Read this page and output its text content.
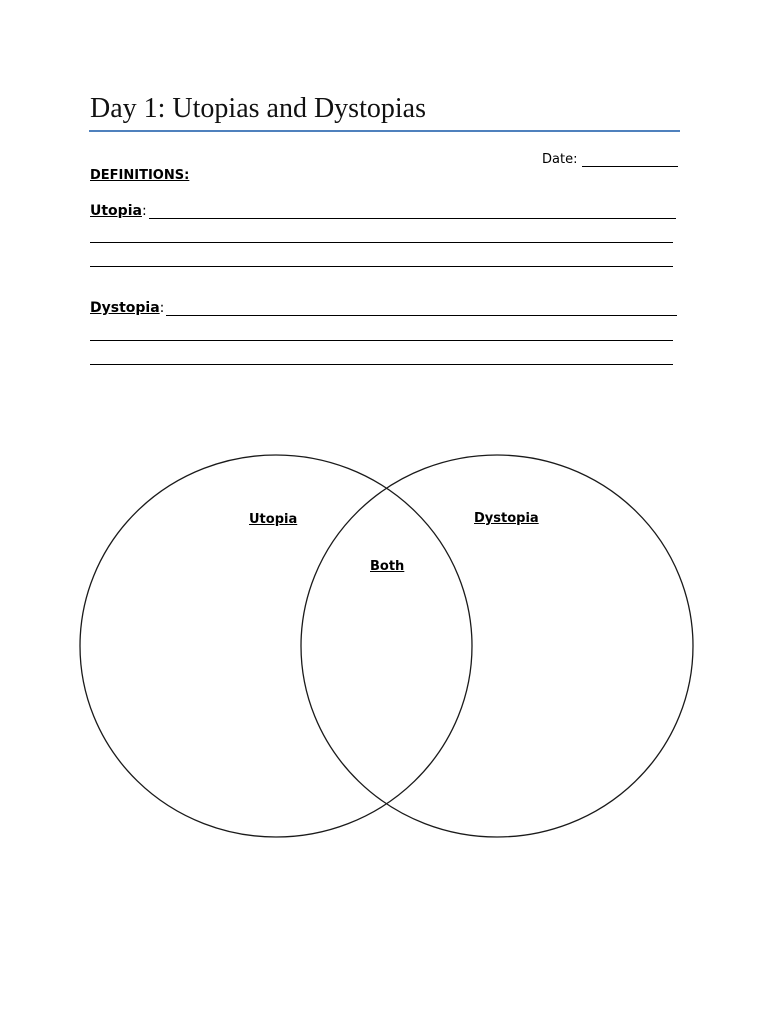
Day 1: Utopias and Dystopias
Date:
DEFINITIONS:
Utopia :
Dystopia :
Utopia	Dystopia
Both
